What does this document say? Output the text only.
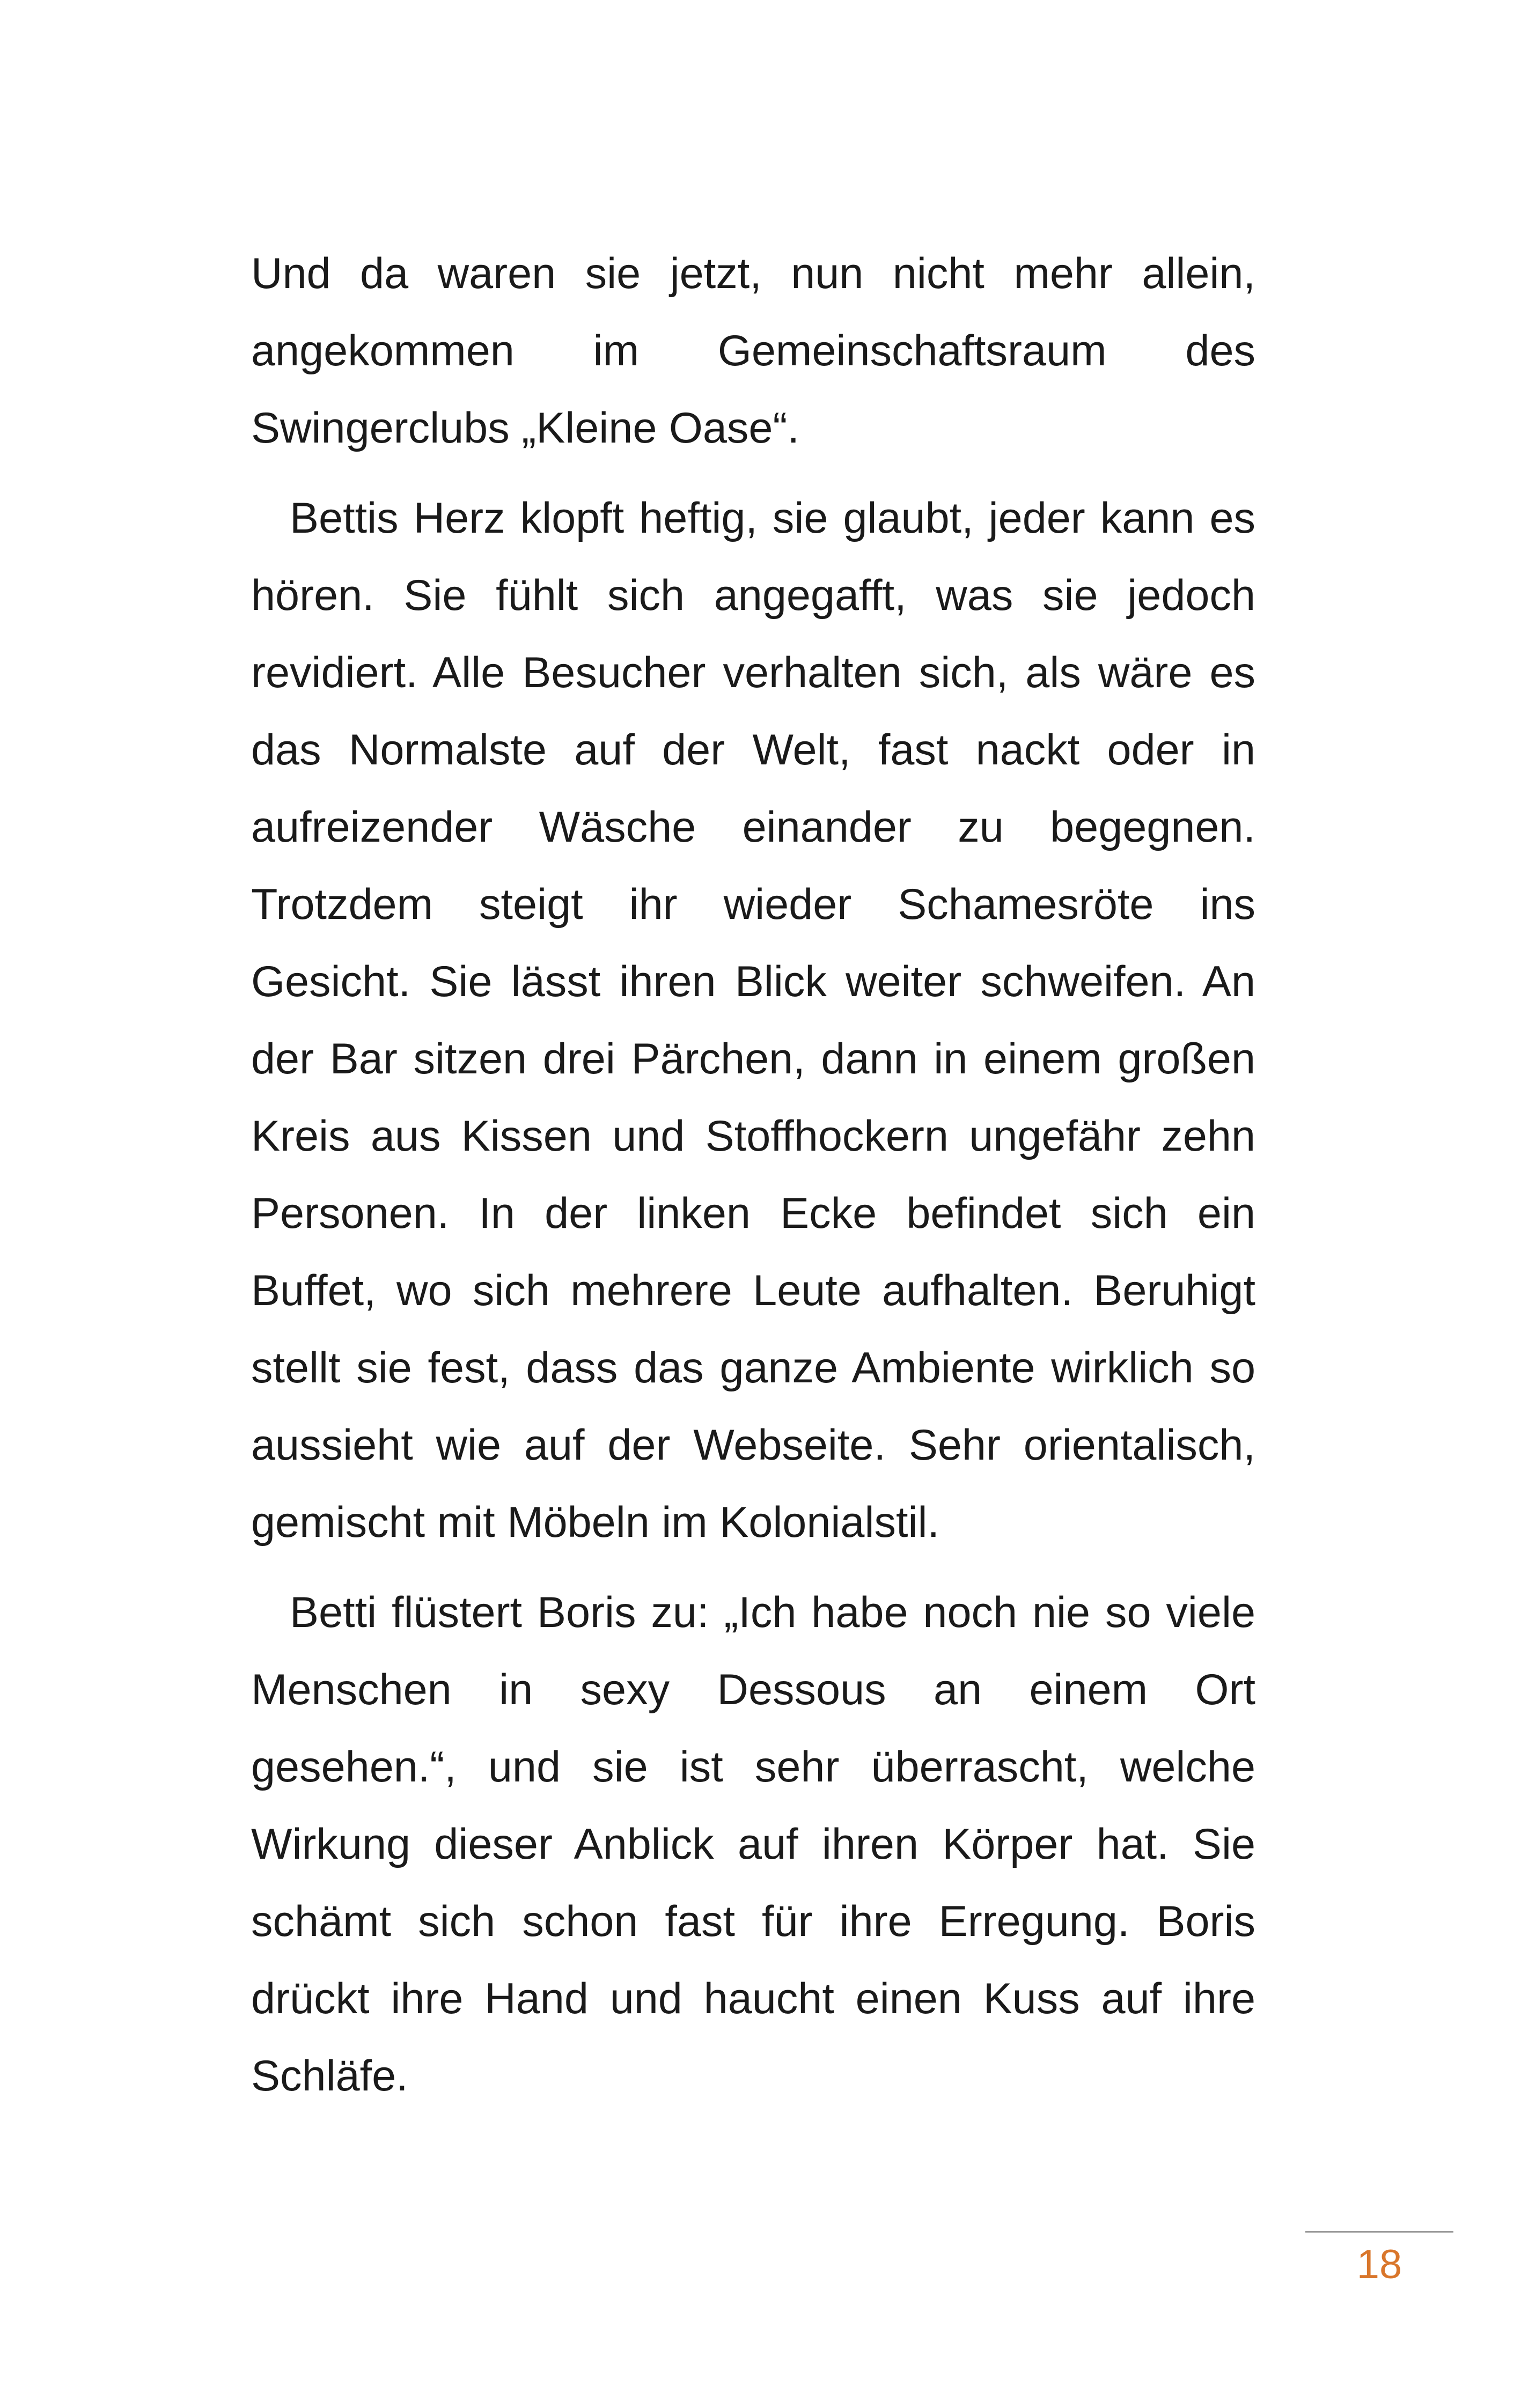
Und da waren sie jetzt, nun nicht mehr allein, angekommen im Gemeinschaftsraum des Swingerclubs „Kleine Oase“.

Bettis Herz klopft heftig, sie glaubt, jeder kann es hören. Sie fühlt sich angegafft, was sie jedoch revidiert. Alle Besucher verhalten sich, als wäre es das Normalste auf der Welt, fast nackt oder in aufreizender Wäsche einander zu begegnen. Trotzdem steigt ihr wieder Schamesröte ins Gesicht. Sie lässt ihren Blick weiter schweifen. An der Bar sitzen drei Pärchen, dann in einem großen Kreis aus Kissen und Stoffhockern ungefähr zehn Personen. In der linken Ecke befindet sich ein Buffet, wo sich mehrere Leute aufhalten. Beruhigt stellt sie fest, dass das ganze Ambiente wirklich so aussieht wie auf der Webseite. Sehr orientalisch, gemischt mit Möbeln im Kolonialstil.

Betti flüstert Boris zu: „Ich habe noch nie so viele Menschen in sexy Dessous an einem Ort gesehen.“, und sie ist sehr überrascht, welche Wirkung dieser Anblick auf ihren Körper hat. Sie schämt sich schon fast für ihre Erregung. Boris drückt ihre Hand und haucht einen Kuss auf ihre Schläfe.

18
